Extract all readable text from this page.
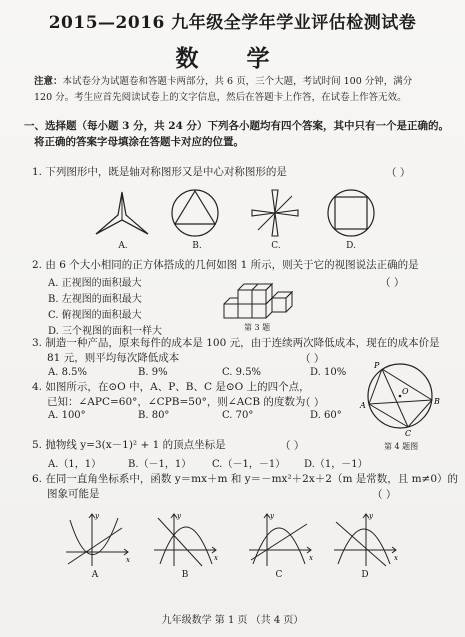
2015—2016 九年级全学年学业评估检测试卷
数 学
注意：本试卷分为试题卷和答题卡两部分，共 6 页，三个大题，考试时间 100 分钟，满分
120 分。考生应首先阅读试卷上的文字信息，然后在答题卡上作答，在试卷上作答无效。
一、选择题（每小题 3 分，共 24 分）下列各小题均有四个答案，其中只有一个是正确的。
将正确的答案字母填涂在答题卡对应的位置。
1. 下列图形中，既是轴对称图形又是中心对称图形的是	（ ）
A.	B.	C.	D.
2. 由 6 个大小相同的正方体搭成的几何如图 1 所示，则关于它的视图说法正确的是
（ ）
A. 正视图的面积最大
B. 左视图的面积最大
C. 俯视图的面积最大
D. 三个视图的面积一样大	第 3 题
3. 制造一种产品，原来每件的成本是 100 元，由于连续两次降低成本，现在的成本价是
81 元，则平均每次降低成本	（ ）
A. 8.5%	B. 9%	C. 9.5%	D. 10%
4. 如图所示，在⊙O 中，A、P、B、C 是⊙O 上的四个点，
已知：∠APC=60°，∠CPB=50°，则∠ACB 的度数为
（ ）
A. 100°	B. 80°	C. 70°	D. 60°
P
A	B
C
O
第 4 题图
5. 抛物线 y=3(x－1)² + 1 的顶点坐标是	（ ）
A.（1，1）	B.（－1，1） C.（－1，－1） D.（1，－1）
6. 在同一直角坐标系中，函数 y＝mx＋m 和 y＝－mx²＋2x＋2（m 是常数，且 m≠0）的
图象可能是	（ ）
x
y
A
x
y
B
x
y
C
x
y
D
九年级数学 第 1 页 （共 4 页）
